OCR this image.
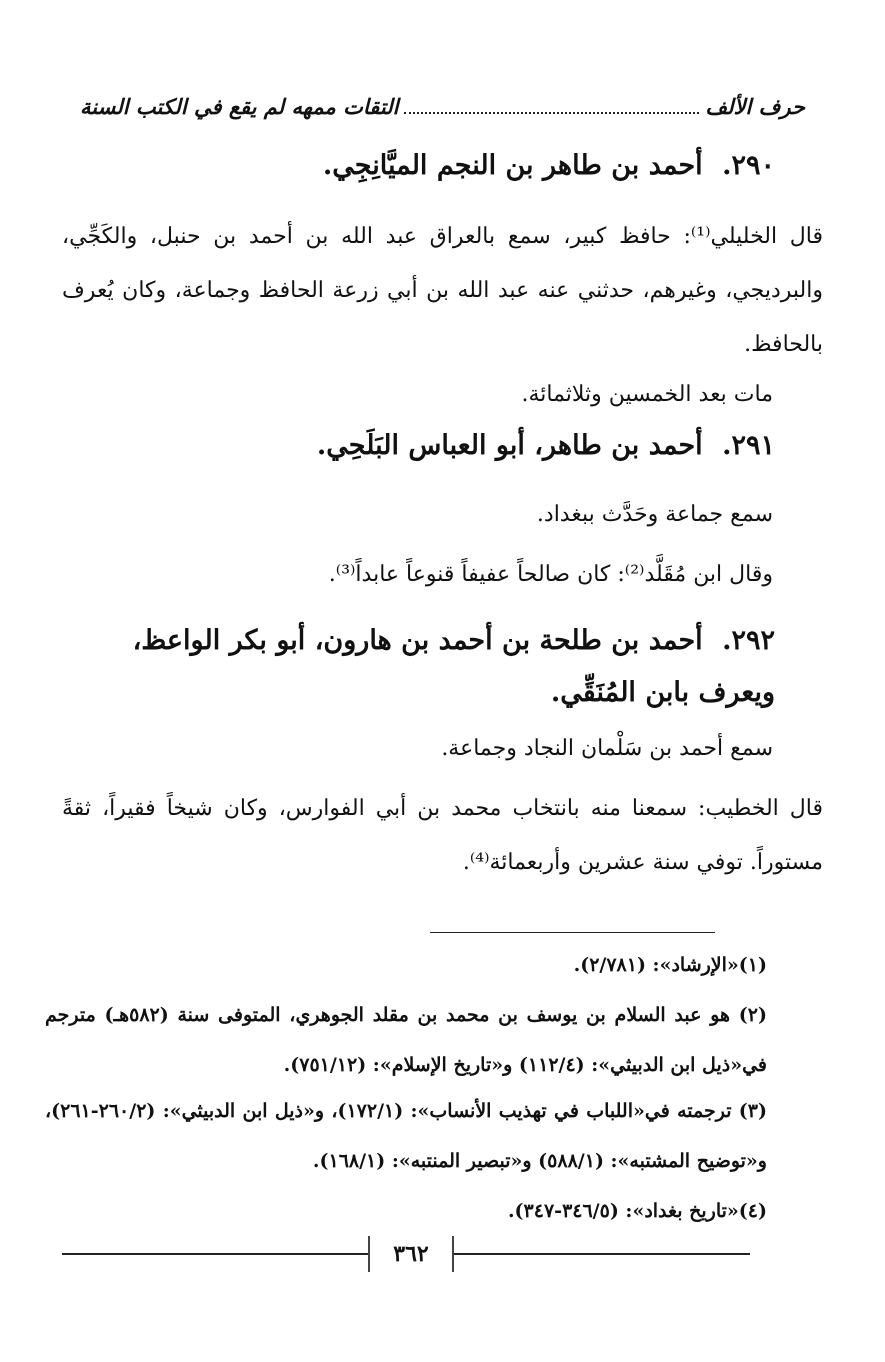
حرف الألف
التقات ممهه لم يقع في الكتب السنة
٢٩٠. أحمد بن طاهر بن النجم الميَّانِجِي.

قال الخليلي⁽¹⁾: حافظ كبير، سمع بالعراق عبد الله بن أحمد بن حنبل، والكَجِّي، والبرديجي، وغيرهم، حدثني عنه عبد الله بن أبي زرعة الحافظ وجماعة، وكان يُعرف بالحافظ.

مات بعد الخمسين وثلاثمائة.

٢٩١. أحمد بن طاهر، أبو العباس البَلَحِي.

سمع جماعة وحَدَّث ببغداد.

وقال ابن مُقَلَّد⁽²⁾: كان صالحاً عفيفاً قنوعاً عابداً⁽³⁾.

٢٩٢. أحمد بن طلحة بن أحمد بن هارون، أبو بكر الواعظ، ويعرف بابن المُنَقِّي.

سمع أحمد بن سَلْمان النجاد وجماعة.

قال الخطيب: سمعنا منه بانتخاب محمد بن أبي الفوارس، وكان شيخاً فقيراً، ثقةً مستوراً. توفي سنة عشرين وأربعمائة⁽⁴⁾.

(١)«الإرشاد»: (٢/٧٨١).

(٢) هو عبد السلام بن يوسف بن محمد بن مقلد الجوهري، المتوفى سنة (٥٨٢هـ) مترجم في«ذيل ابن الدبيثي»: (١١٢/٤) و«تاريخ الإسلام»: (٧٥١/١٢).

(٣) ترجمته في«اللباب في تهذيب الأنساب»: (١٧٢/١)، و«ذيل ابن الدبيثي»: (٢٦٠/٢-٢٦١)، و«توضيح المشتبه»: (٥٨٨/١) و«تبصير المنتبه»: (١٦٨/١).

(٤)«تاريخ بغداد»: (٣٤٦/٥-٣٤٧).

٣٦٢
